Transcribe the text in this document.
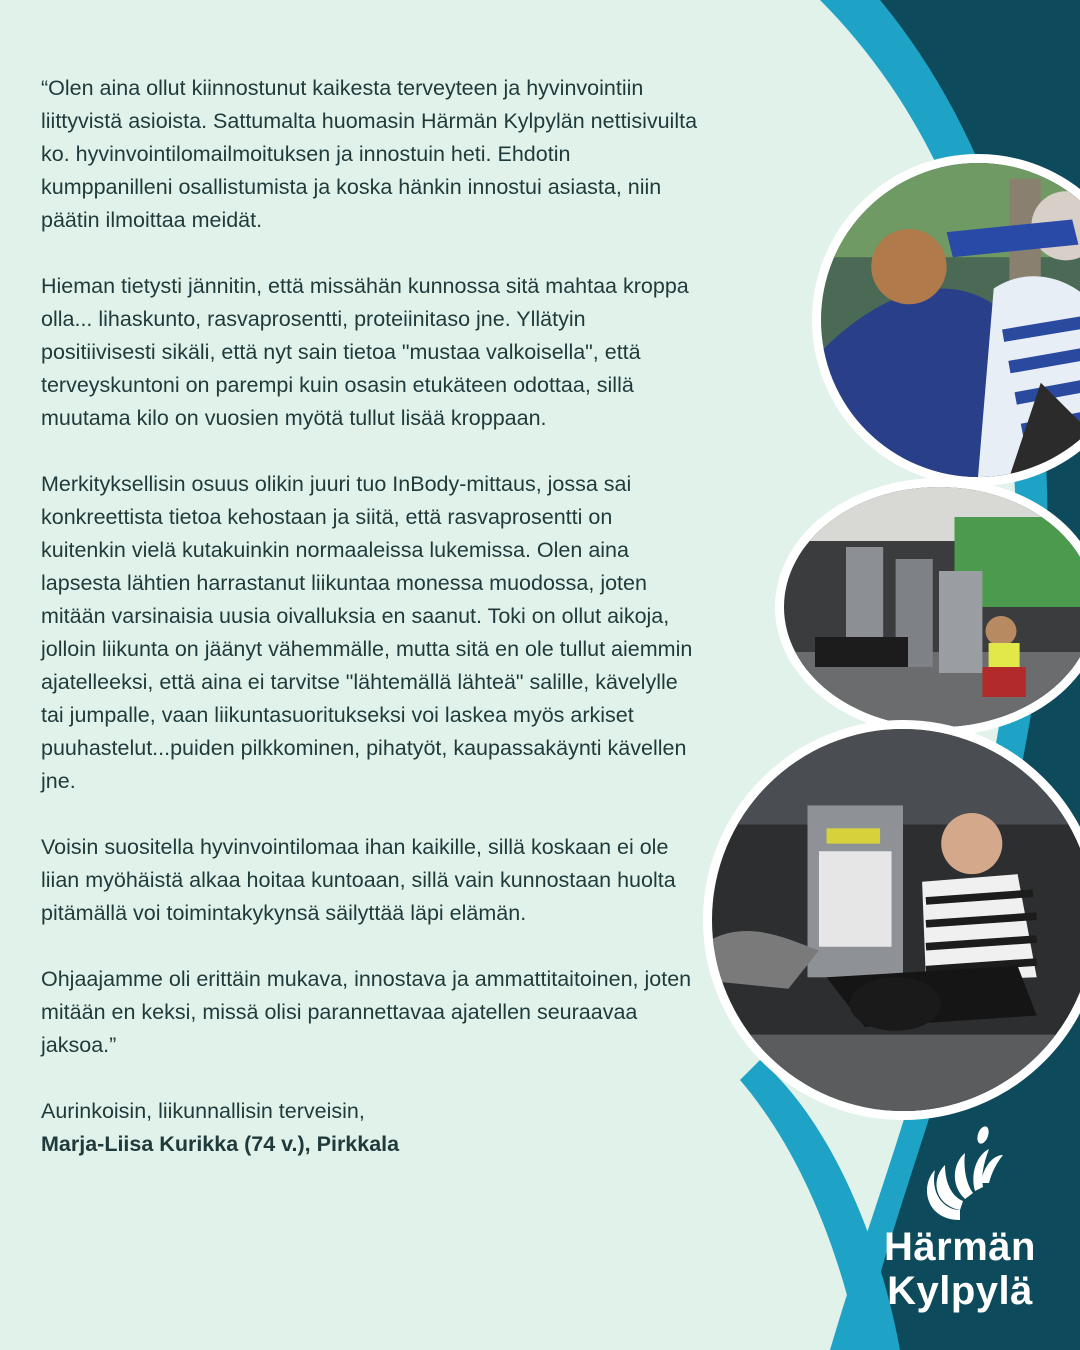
“Olen aina ollut kiinnostunut kaikesta terveyteen ja hyvinvointiin liittyvistä asioista. Sattumalta huomasin Härmän Kylpylän nettisivuilta ko. hyvinvointilomailmoituksen ja innostuin heti. Ehdotin kumppanilleni osallistumista ja koska hänkin innostui asiasta, niin päätin ilmoittaa meidät.

Hieman tietysti jännitin, että missähän kunnossa sitä mahtaa kroppa olla... lihaskunto, rasvaprosentti, proteiinitaso jne. Yllätyin positiivisesti sikäli, että nyt sain tietoa "mustaa valkoisella", että terveyskuntoni on parempi kuin osasin etukäteen odottaa, sillä muutama kilo on vuosien myötä tullut lisää kroppaan.

Merkityksellisin osuus olikin juuri tuo InBody-mittaus, jossa sai konkreettista tietoa kehostaan ja siitä, että rasvaprosentti on kuitenkin vielä kutakuinkin normaaleissa lukemissa. Olen aina lapsesta lähtien harrastanut liikuntaa monessa muodossa, joten mitään varsinaisia uusia oivalluksia en saanut. Toki on ollut aikoja, jolloin liikunta on jäänyt vähemmälle, mutta sitä en ole tullut aiemmin ajatelleeksi, että aina ei tarvitse "lähtemällä lähteä" salille, kävelylle tai jumpalle, vaan liikuntasuoritukseksi voi laskea myös arkiset puuhastelut...puiden pilkkominen, pihatyöt, kaupassakäynti kävellen jne.

Voisin suositella hyvinvointilomaa ihan kaikille, sillä koskaan ei ole liian myöhäistä alkaa hoitaa kuntoaan, sillä vain kunnostaan huolta pitämällä voi toimintakykynsä säilyttää läpi elämän.

Ohjaajamme oli erittäin mukava, innostava ja ammattitaitoinen, joten mitään en keksi, missä olisi parannettavaa ajatellen seuraavaa jaksoa.”

Aurinkoisin, liikunnallisin terveisin,

Marja-Liisa Kurikka (74 v.), Pirkkala

Härmän
Kylpylä
